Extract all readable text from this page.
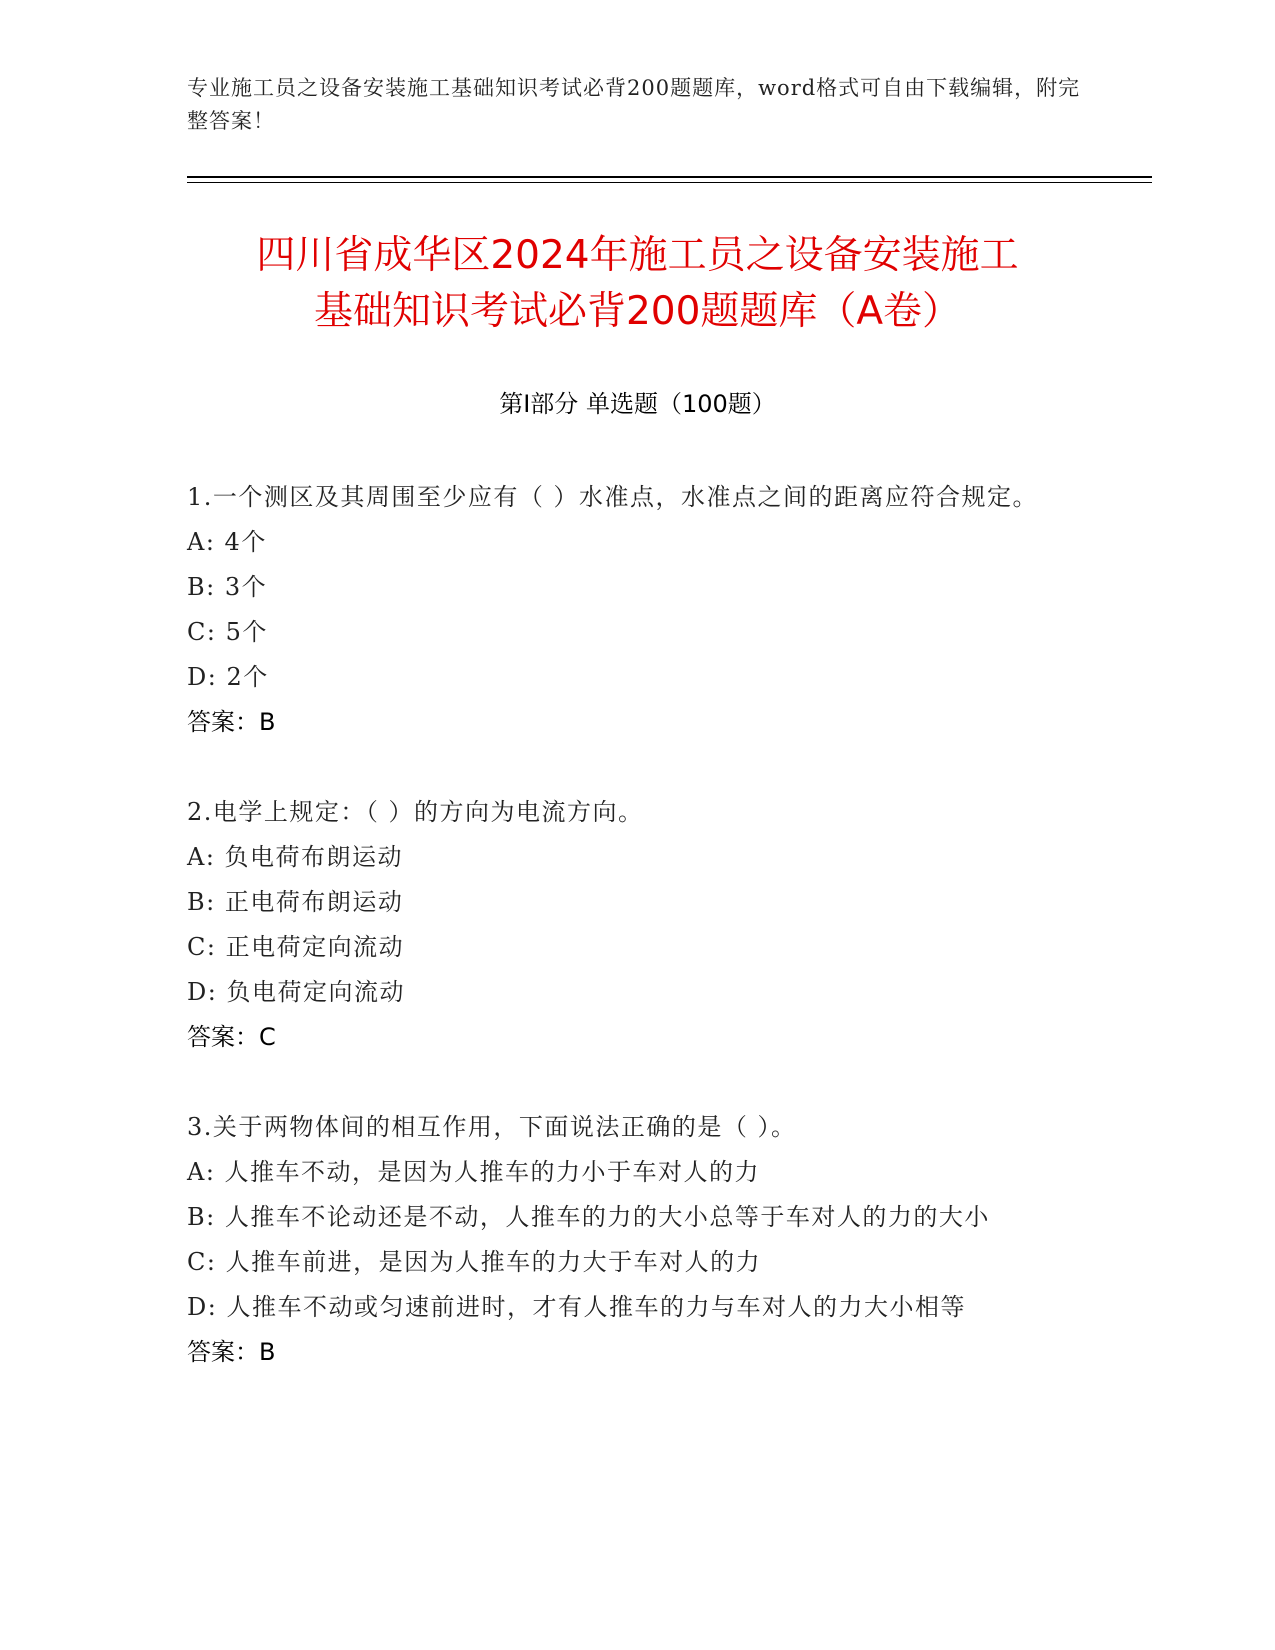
专业施工员之设备安装施工基础知识考试必背200题题库，word格式可自由下载编辑，附完整答案！
四川省成华区2024年施工员之设备安装施工
基础知识考试必背200题题库（A卷）
第Ⅰ部分 单选题（100题）
1.一个测区及其周围至少应有（ ）水准点，水准点之间的距离应符合规定。
A: 4个
B: 3个
C: 5个
D: 2个
答案：B
2.电学上规定：（ ）的方向为电流方向。
A: 负电荷布朗运动
B: 正电荷布朗运动
C: 正电荷定向流动
D: 负电荷定向流动
答案：C
3.关于两物体间的相互作用，下面说法正确的是（ ）。
A: 人推车不动，是因为人推车的力小于车对人的力
B: 人推车不论动还是不动，人推车的力的大小总等于车对人的力的大小
C: 人推车前进，是因为人推车的力大于车对人的力
D: 人推车不动或匀速前进时，才有人推车的力与车对人的力大小相等
答案：B
